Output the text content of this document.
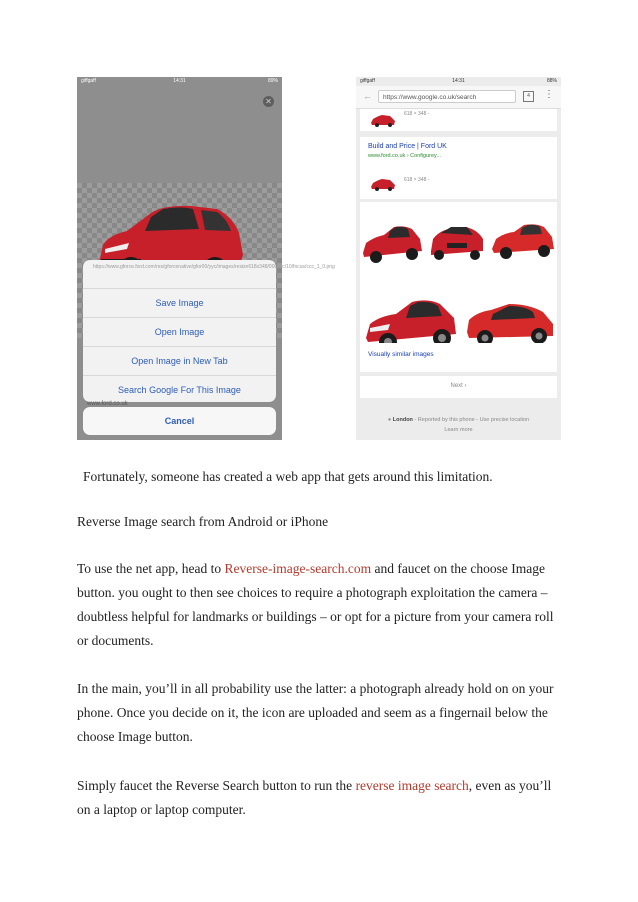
giffgaff	14:31	89%
✕
https://www.gforce.ford.com/res/gforcenative/gfor00/yyc/images/resize618x348/000yyc/10/focus/ccc_1_0.png
Save Image
Open Image
Open Image in New Tab
Search Google For This Image
www.ford.co.uk
Cancel
giffgaff	14:31	88%
←	https://www.google.co.uk/search	4	⋮
618 × 348 -
Build and Price | Ford UK
www.ford.co.uk › Configurey...
618 × 348 -
Visually similar images
Next ›
● London - Reported by this phone - Use precise location
Learn more

Fortunately, someone has created a web app that gets around this limitation.

Reverse Image search from Android or iPhone

To use the net app, head to Reverse-image-search.com and faucet on the choose Image button. you ought to then see choices to require a photograph exploitation the camera – doubtless helpful for landmarks or buildings – or opt for a picture from your camera roll or documents.

In the main, you’ll in all probability use the latter: a photograph already hold on on your phone. Once you decide on it, the icon are uploaded and seem as a fingernail below the choose Image button.

Simply faucet the Reverse Search button to run the reverse image search, even as you’ll on a laptop or laptop computer.
